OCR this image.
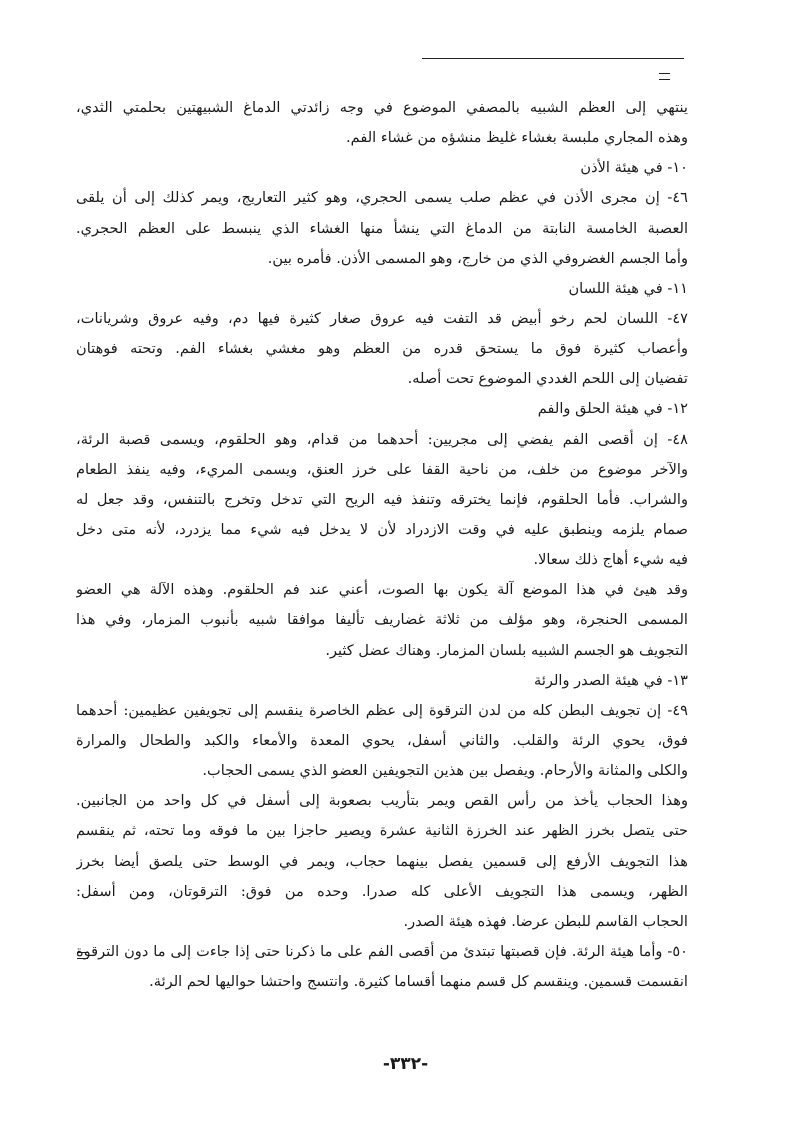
ينتهي إلى العظم الشبيه بالمصفي الموضوع في وجه زائدتي الدماغ الشبيهتين بحلمتي الثدي،
وهذه المجاري ملبسة بغشاء غليظ منشؤه من غشاء الفم.
١٠- في هيئة الأذن
٤٦- إن مجرى الأذن في عظم صلب يسمى الحجري، وهو كثير التعاريج، ويمر كذلك إلى أن يلقى
العصبة الخامسة النابتة من الدماغ التي ينشأ منها الغشاء الذي ينبسط على العظم الحجري.
وأما الجسم الغضروفي الذي من خارج، وهو المسمى الأذن. فأمره بين.
١١- في هيئة اللسان
٤٧- اللسان لحم رخو أبيض قد التفت فيه عروق صغار كثيرة فيها دم، وفيه عروق وشريانات،
وأعصاب كثيرة فوق ما يستحق قدره من العظم وهو مغشي بغشاء الفم. وتحته فوهتان
تفضيان إلى اللحم الغددي الموضوع تحت أصله.
١٢- في هيئة الحلق والفم
٤٨- إن أقصى الفم يفضي إلى مجريين: أحدهما من قدام، وهو الحلقوم، ويسمى قصبة الرئة،
والآخر موضوع من خلف، من ناحية القفا على خرز العنق، ويسمى المريء، وفيه ينفذ الطعام
والشراب. فأما الحلقوم، فإنما يخترقه وتنفذ فيه الريح التي تدخل وتخرج بالتنفس، وقد جعل له
صمام يلزمه وينطبق عليه في وقت الازدراد لأن لا يدخل فيه شيء مما يزدرد، لأنه متى دخل
فيه شيء أهاج ذلك سعالا.
وقد هيئ في هذا الموضع آلة يكون بها الصوت، أعني عند فم الحلقوم. وهذه الآلة هي العضو
المسمى الحنجرة، وهو مؤلف من ثلاثة غضاريف تأليفا موافقا شبيه بأنبوب المزمار، وفي هذا
التجويف هو الجسم الشبيه بلسان المزمار. وهناك عضل كثير.
١٣- في هيئة الصدر والرئة
٤٩- إن تجويف البطن كله من لدن الترقوة إلى عظم الخاصرة ينقسم إلى تجويفين عظيمين: أحدهما
فوق، يحوي الرئة والقلب. والثاني أسفل، يحوي المعدة والأمعاء والكبد والطحال والمرارة
والكلى والمثانة والأرحام. ويفصل بين هذين التجويفين العضو الذي يسمى الحجاب.
وهذا الحجاب يأخذ من رأس القص ويمر بتأريب بصعوبة إلى أسفل في كل واحد من الجانبين.
حتى يتصل بخرز الظهر عند الخرزة الثانية عشرة ويصير حاجزا بين ما فوقه وما تحته، ثم ينقسم
هذا التجويف الأرفع إلى قسمين يفصل بينهما حجاب، ويمر في الوسط حتى يلصق أيضا بخرز
الظهر، ويسمى هذا التجويف الأعلى كله صدرا. وحده من فوق: الترقوتان، ومن أسفل:
الحجاب القاسم للبطن عرضا. فهذه هيئة الصدر.
٥٠- وأما هيئة الرئة. فإن قصبتها تبتدئ من أقصى الفم على ما ذكرنا حتى إذا جاءت إلى ما دون الترقوة
انقسمت قسمين. وينقسم كل قسم منهما أقساما كثيرة. وانتسج واحتشا حواليها لحم الرئة.
-٣٣٢-
